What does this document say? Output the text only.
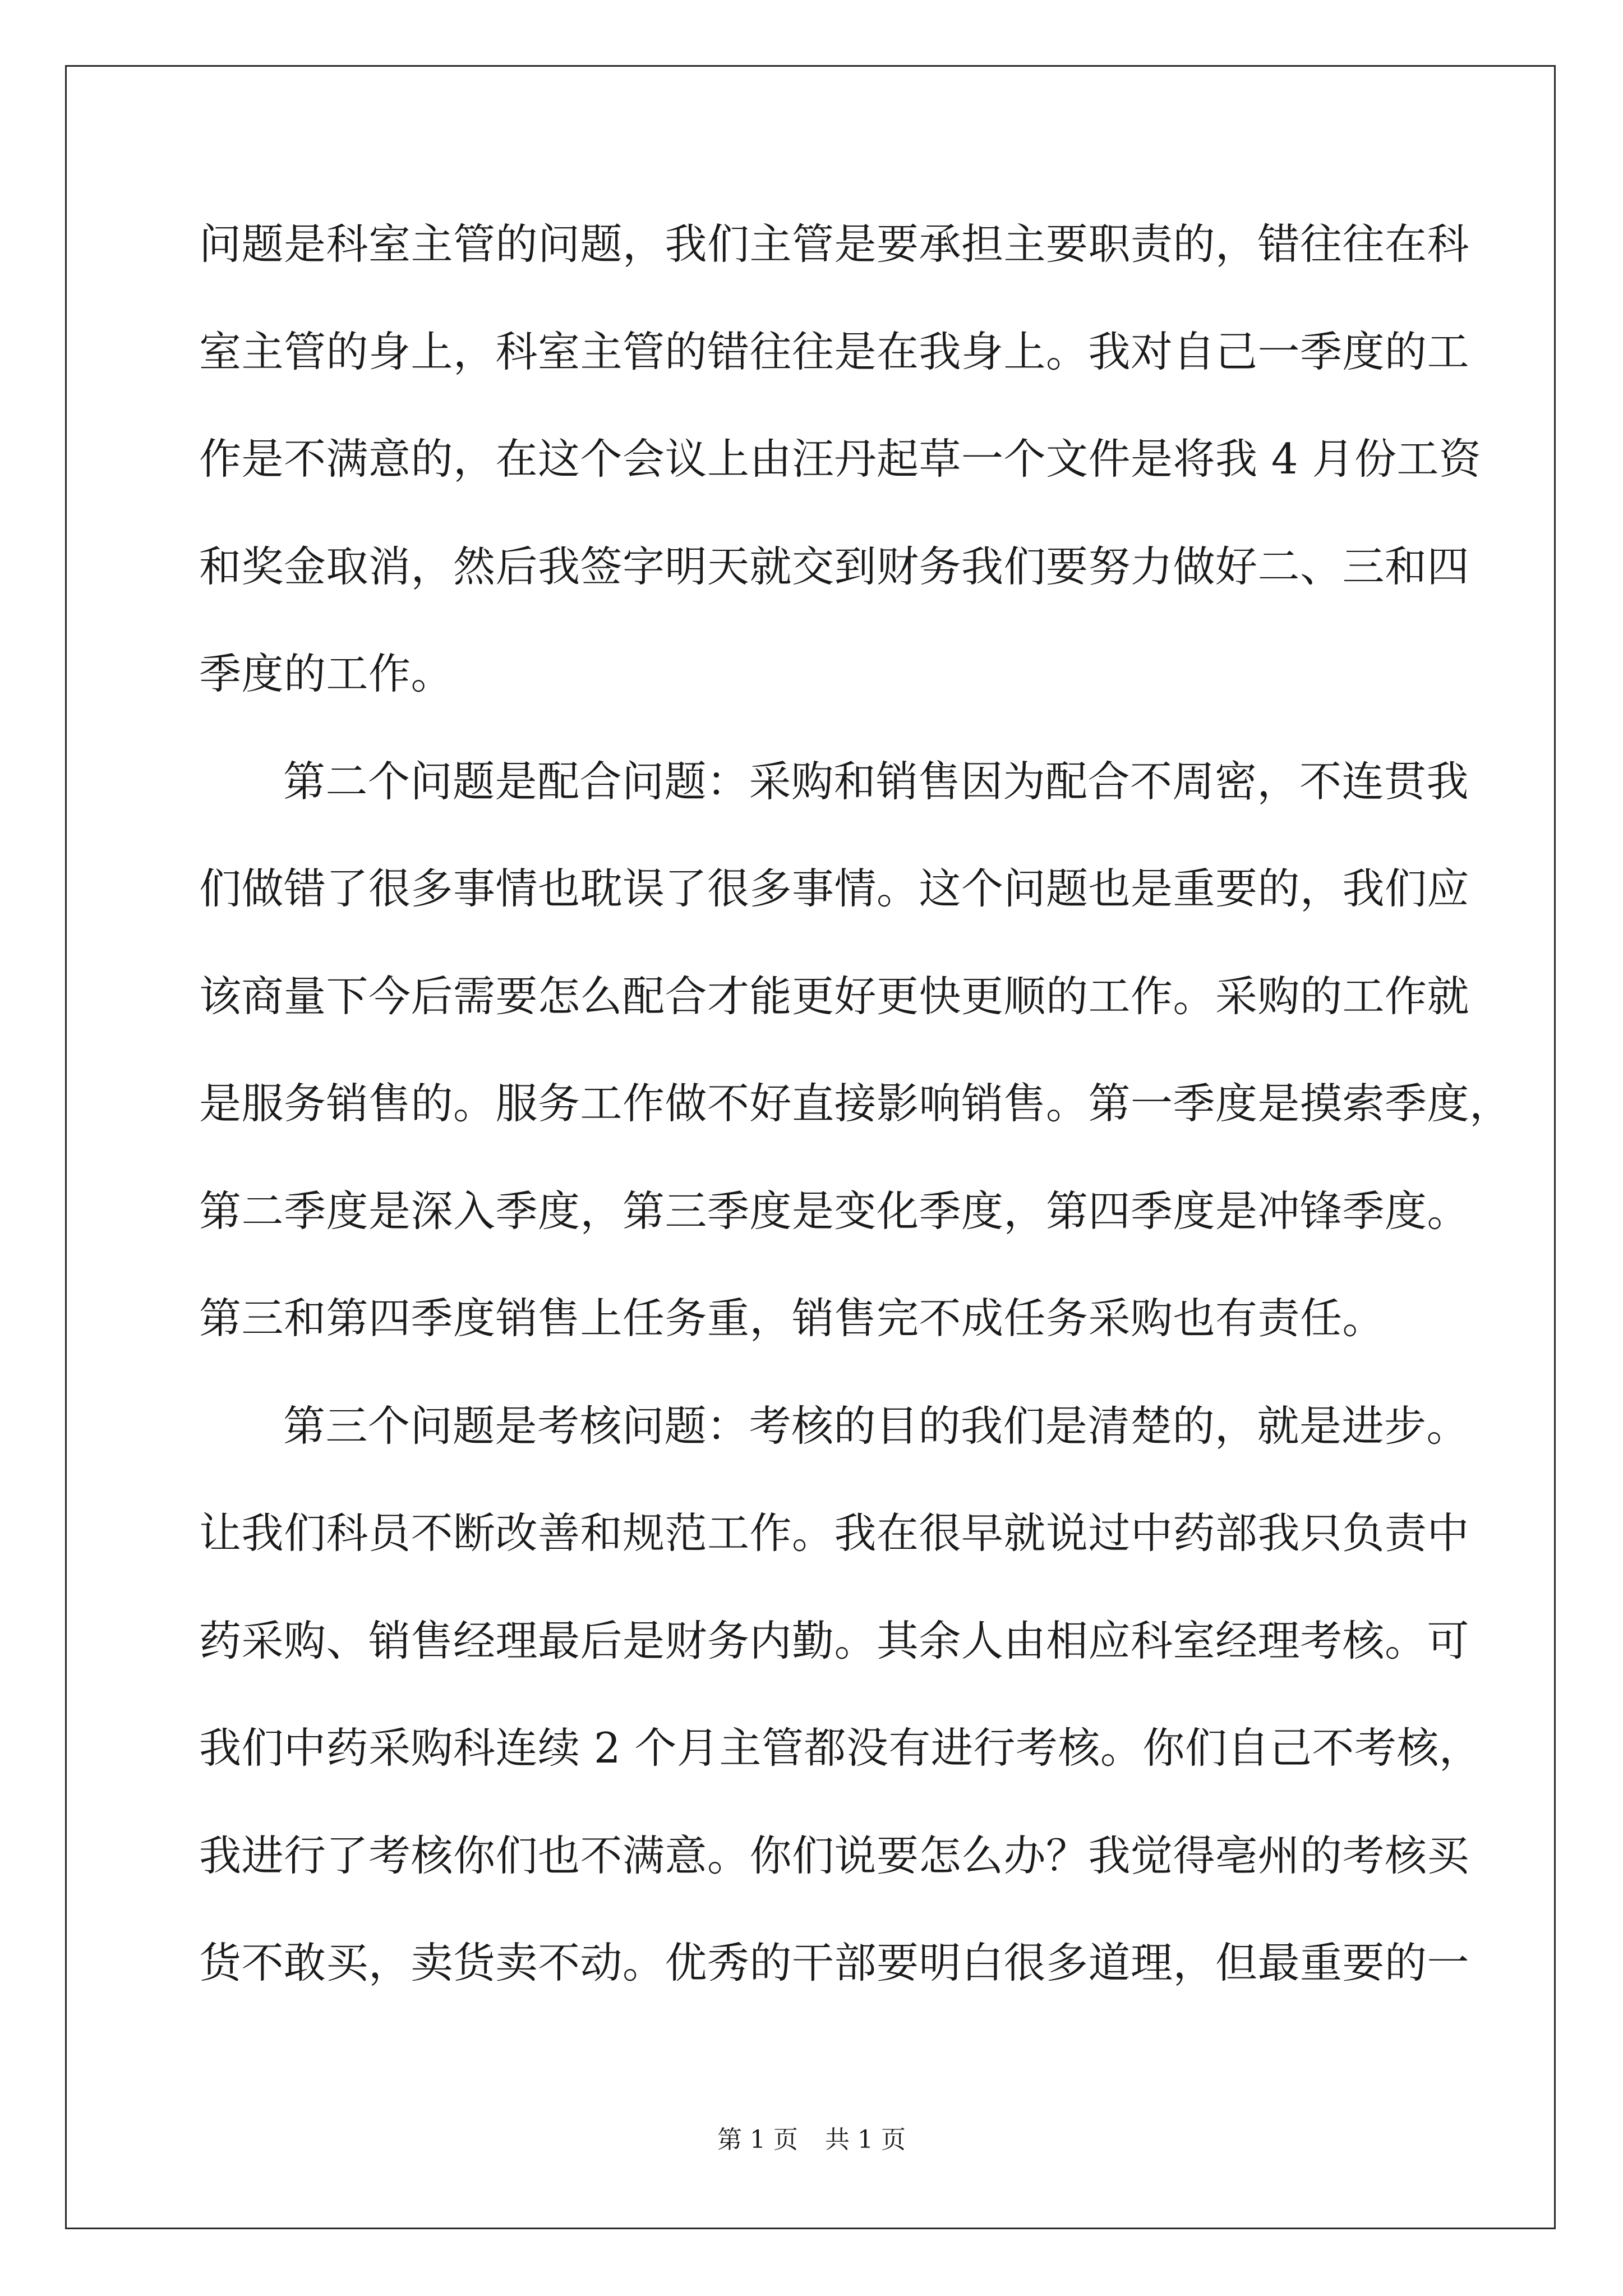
问题是科室主管的问题，我们主管是要承担主要职责的，错往往在科
室主管的身上，科室主管的错往往是在我身上。我对自己一季度的工
作是不满意的，在这个会议上由汪丹起草一个文件是将我 4 月份工资
和奖金取消，然后我签字明天就交到财务我们要努力做好二、三和四
季度的工作。
第二个问题是配合问题：采购和销售因为配合不周密，不连贯我
们做错了很多事情也耽误了很多事情。这个问题也是重要的，我们应
该商量下今后需要怎么配合才能更好更快更顺的工作。采购的工作就
是服务销售的。服务工作做不好直接影响销售。第一季度是摸索季度，
第二季度是深入季度，第三季度是变化季度，第四季度是冲锋季度。
第三和第四季度销售上任务重，销售完不成任务采购也有责任。
第三个问题是考核问题：考核的目的我们是清楚的，就是进步。
让我们科员不断改善和规范工作。我在很早就说过中药部我只负责中
药采购、销售经理最后是财务内勤。其余人由相应科室经理考核。可
我们中药采购科连续 2 个月主管都没有进行考核。你们自己不考核，
我进行了考核你们也不满意。你们说要怎么办？我觉得亳州的考核买
货不敢买，卖货卖不动。优秀的干部要明白很多道理，但最重要的一
第 1 页 共 1 页
